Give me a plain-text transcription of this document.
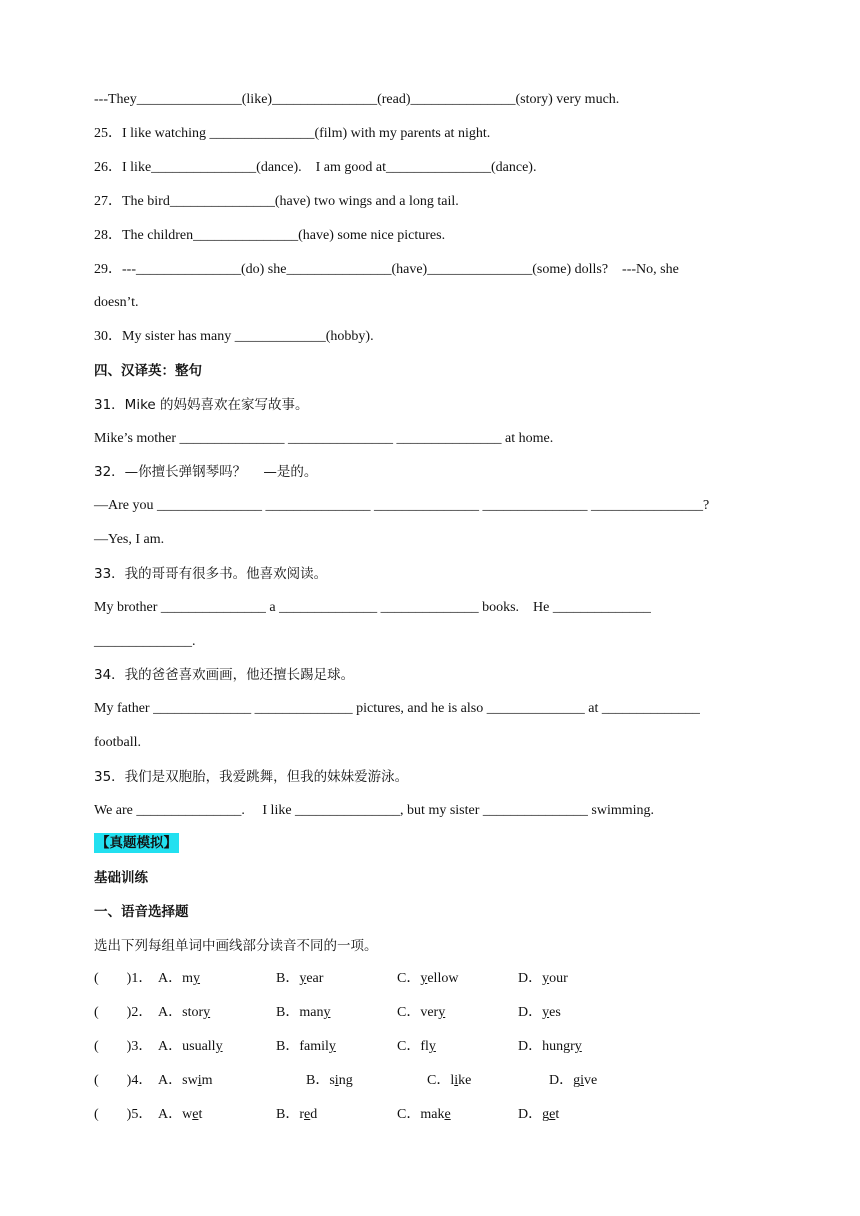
---They_______________(like)_______________(read)_______________(story) very much.
25．I like watching _______________(film) with my parents at night.
26．I like_______________(dance).    I am good at_______________(dance).
27．The bird_______________(have) two wings and a long tail.
28．The children_______________(have) some nice pictures.
29．---_______________(do) she_______________(have)_______________(some) dolls?    ---No, she
doesn’t.
30．My sister has many _____________(hobby).
四、汉译英：整句
31．Mike 的妈妈喜欢在家写故事。
Mike’s mother _______________ _______________ _______________ at home.
32．—你擅长弹钢琴吗？    —是的。
—Are you _______________ _______________ _______________ _______________ ________________?
—Yes, I am.
33．我的哥哥有很多书。他喜欢阅读。
My brother _______________ a ______________ ______________ books.    He ______________
______________.
34．我的爸爸喜欢画画，他还擅长踢足球。
My father ______________ ______________ pictures, and he is also ______________ at ______________
football.
35．我们是双胞胎，我爱跳舞，但我的妹妹爱游泳。
We are _______________.     I like _______________, but my sister _______________ swimming.
【真题模拟】
基础训练
一、语音选择题
选出下列每组单词中画线部分读音不同的一项。
(        )1． A．my	B．year	C．yellow	D．your
(        )2． A．story	B．many	C．very	D．yes
(        )3． A．usually	B．family	C．fly	D．hungry
(        )4． A．swim	B．sing	C．like	D．give
(        )5． A．wet	B．red	C．make	D．get
